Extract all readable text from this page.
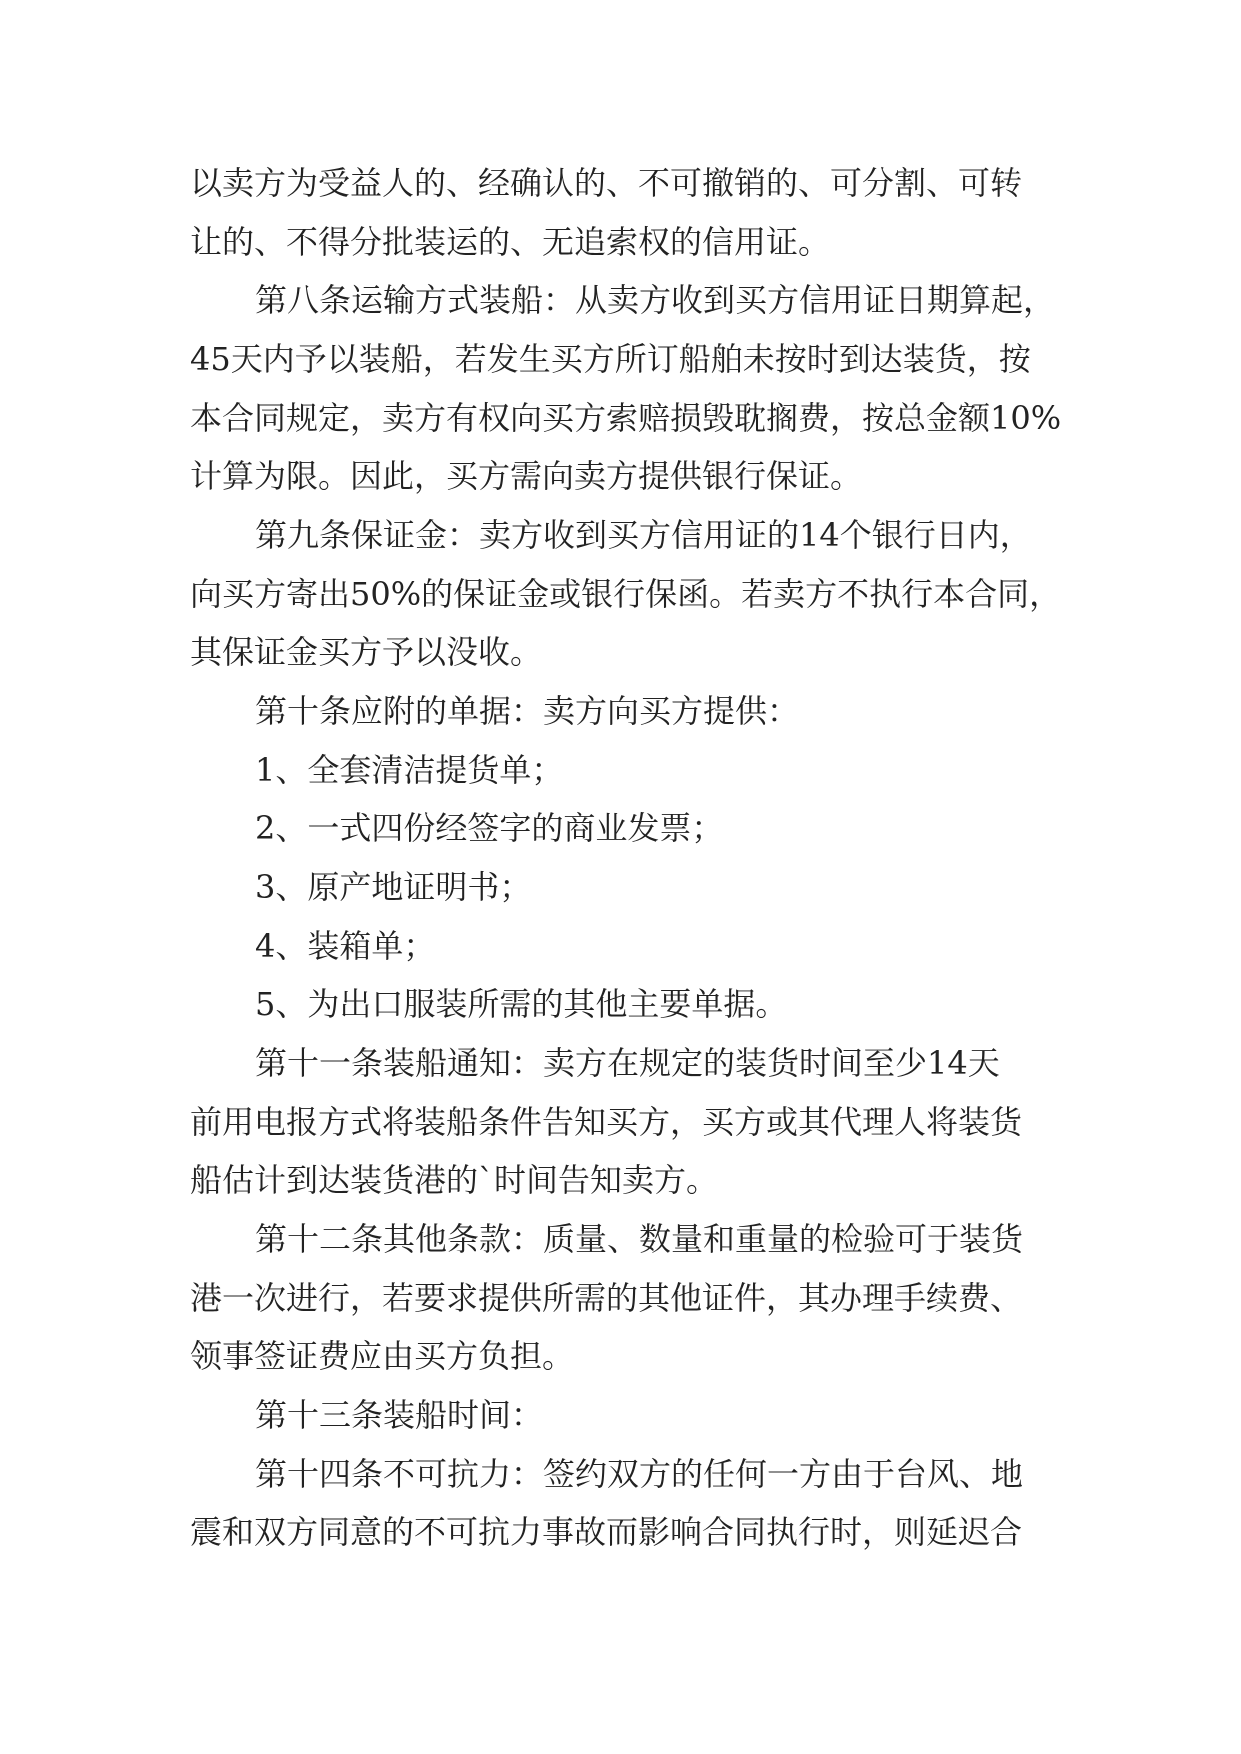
以卖方为受益人的、经确认的、不可撤销的、可分割、可转
让的、不得分批装运的、无追索权的信用证。
第八条运输方式装船：从卖方收到买方信用证日期算起，
45天内予以装船，若发生买方所订船舶未按时到达装货，按
本合同规定，卖方有权向买方索赔损毁耽搁费，按总金额10%
计算为限。因此，买方需向卖方提供银行保证。
第九条保证金：卖方收到买方信用证的14个银行日内，
向买方寄出50%的保证金或银行保函。若卖方不执行本合同，
其保证金买方予以没收。
第十条应附的单据：卖方向买方提供：
1、全套清洁提货单；
2、一式四份经签字的商业发票；
3、原产地证明书；
4、装箱单；
5、为出口服装所需的其他主要单据。
第十一条装船通知：卖方在规定的装货时间至少14天
前用电报方式将装船条件告知买方，买方或其代理人将装货
船估计到达装货港的`时间告知卖方。
第十二条其他条款：质量、数量和重量的检验可于装货
港一次进行，若要求提供所需的其他证件，其办理手续费、
领事签证费应由买方负担。
第十三条装船时间：
第十四条不可抗力：签约双方的任何一方由于台风、地
震和双方同意的不可抗力事故而影响合同执行时，则延迟合
